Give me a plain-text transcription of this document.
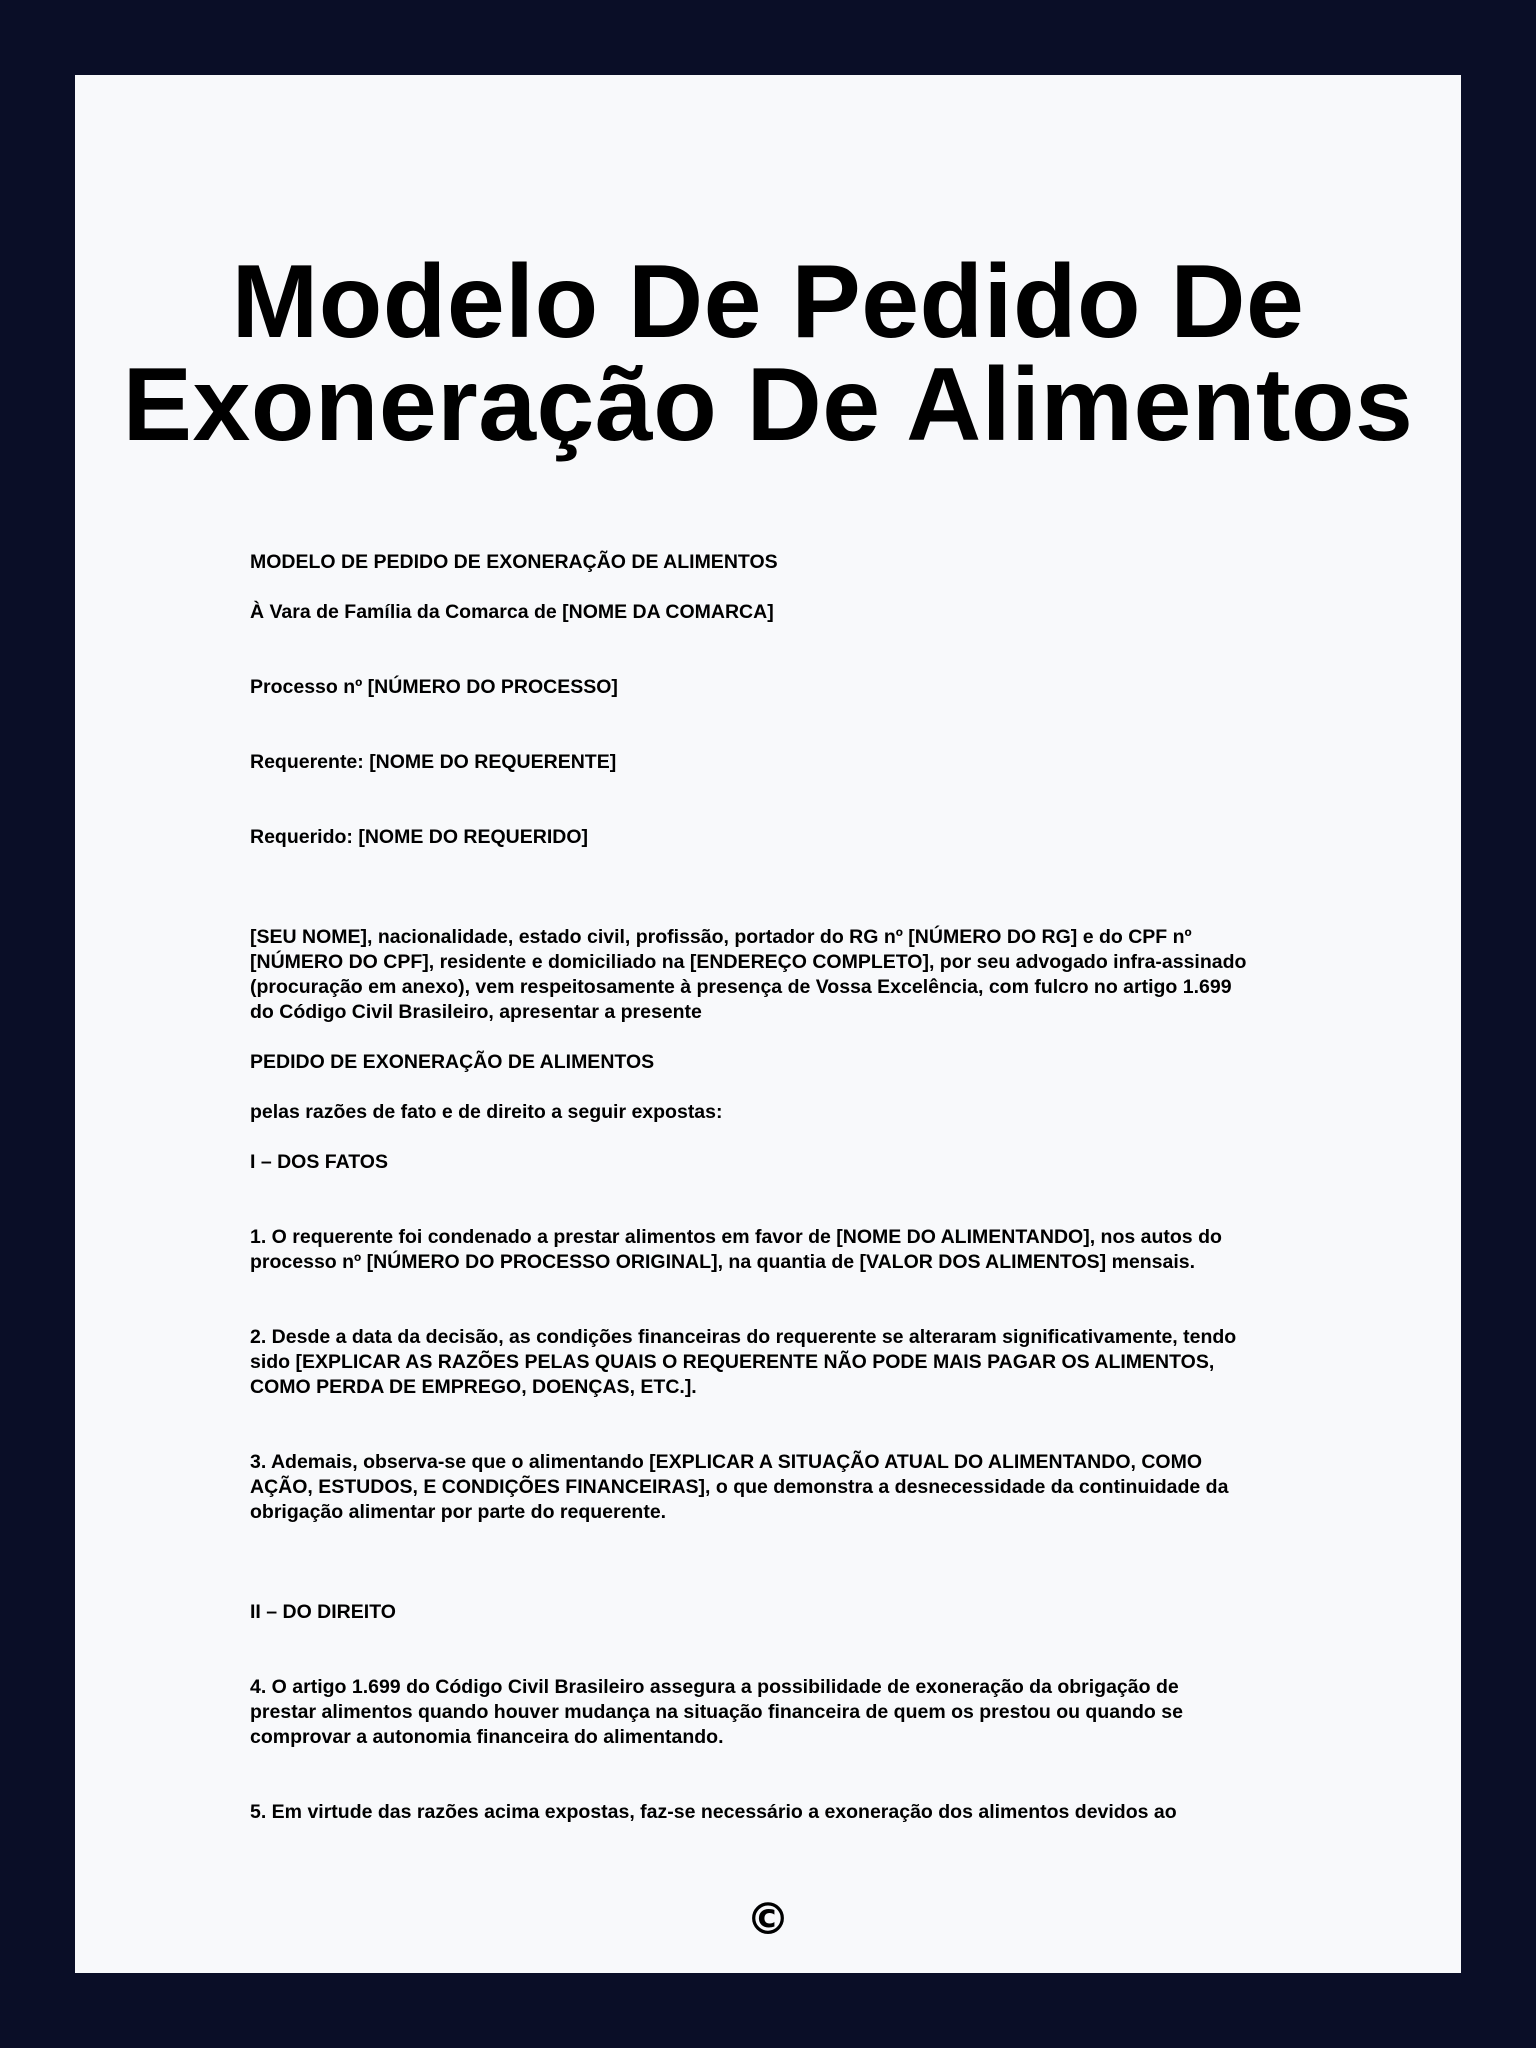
Modelo De Pedido De
Exoneração De Alimentos

MODELO DE PEDIDO DE EXONERAÇÃO DE ALIMENTOS

À Vara de Família da Comarca de [NOME DA COMARCA]

Processo nº [NÚMERO DO PROCESSO]

Requerente: [NOME DO REQUERENTE]

Requerido: [NOME DO REQUERIDO]

[SEU NOME], nacionalidade, estado civil, profissão, portador do RG nº [NÚMERO DO RG] e do CPF nº
[NÚMERO DO CPF], residente e domiciliado na [ENDEREÇO COMPLETO], por seu advogado infra-assinado
(procuração em anexo), vem respeitosamente à presença de Vossa Excelência, com fulcro no artigo 1.699
do Código Civil Brasileiro, apresentar a presente

PEDIDO DE EXONERAÇÃO DE ALIMENTOS

pelas razões de fato e de direito a seguir expostas:

I – DOS FATOS

1. O requerente foi condenado a prestar alimentos em favor de [NOME DO ALIMENTANDO], nos autos do
processo nº [NÚMERO DO PROCESSO ORIGINAL], na quantia de [VALOR DOS ALIMENTOS] mensais.

2. Desde a data da decisão, as condições financeiras do requerente se alteraram significativamente, tendo
sido [EXPLICAR AS RAZÕES PELAS QUAIS O REQUERENTE NÃO PODE MAIS PAGAR OS ALIMENTOS,
COMO PERDA DE EMPREGO, DOENÇAS, ETC.].

3. Ademais, observa-se que o alimentando [EXPLICAR A SITUAÇÃO ATUAL DO ALIMENTANDO, COMO
AÇÃO, ESTUDOS, E CONDIÇÕES FINANCEIRAS], o que demonstra a desnecessidade da continuidade da
obrigação alimentar por parte do requerente.

II – DO DIREITO

4. O artigo 1.699 do Código Civil Brasileiro assegura a possibilidade de exoneração da obrigação de
prestar alimentos quando houver mudança na situação financeira de quem os prestou ou quando se
comprovar a autonomia financeira do alimentando.

5. Em virtude das razões acima expostas, faz-se necessário a exoneração dos alimentos devidos ao

©
